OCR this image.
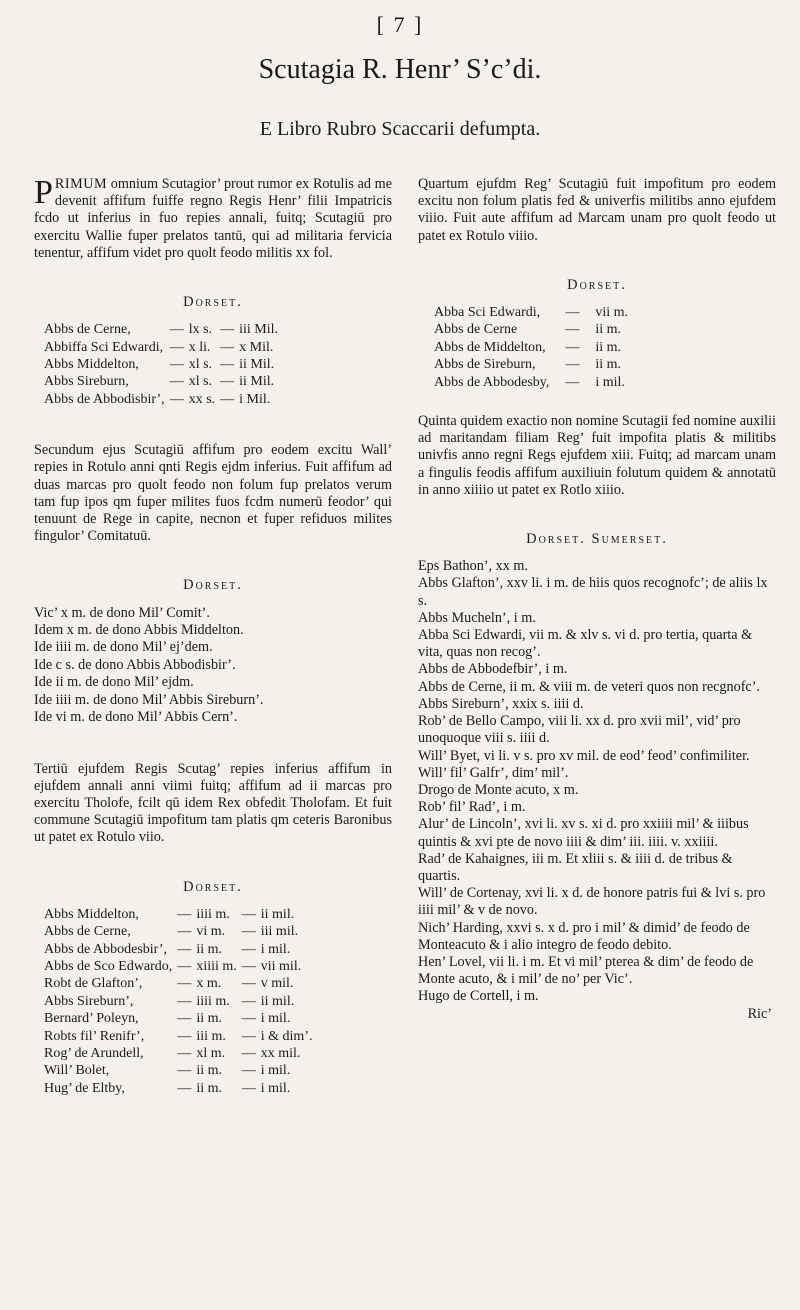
[ 7 ]
Scutagia R. Henr’ S’c’di.
E Libro Rubro Scaccarii defumpta.

PRIMUM omnium Scutagior’ prout rumor ex Rotulis ad me devenit affifum fuiffe regno Regis Henr’ filii Impatricis fcdo ut inferius in fuo repies annali, fuitq; Scutagiū pro exercitu Wallie fuper prelatos tantū, qui ad militaria fervicia tenentur, affifum videt pro quolt feodo militis xx fol.

Dorset.
Abbs de Cerne,	—	lx s.	—	iii Mil.
Abbiffa Sci Edwardi,	—	x li.	—	x Mil.
Abbs Middelton,	—	xl s.	—	ii Mil.
Abbs Sireburn,	—	xl s.	—	ii Mil.
Abbs de Abbodisbir’,	—	xx s.	—	i Mil.

Secundum ejus Scutagiū affifum pro eodem excitu Wall’ repies in Rotulo anni qnti Regis ejdm inferius. Fuit affifum ad duas marcas pro quolt feodo non folum fup prelatos verum tam fup ipos qm fuper milites fuos fcdm numerū feodor’ qui tenuunt de Rege in capite, necnon et fuper refiduos milites fingulor’ Comitatuū.

Dorset.
Vic’ x m. de dono Mil’ Comit’.
Idem x m. de dono Abbis Middelton.
Ide iiii m. de dono Mil’ ej’dem.
Ide c s. de dono Abbis Abbodisbir’.
Ide ii m. de dono Mil’ ejdm.
Ide iiii m. de dono Mil’ Abbis Sireburn’.
Ide vi m. de dono Mil’ Abbis Cern’.

Tertiū ejufdem Regis Scutag’ repies inferius affifum in ejufdem annali anni viimi fuitq; affifum ad ii marcas pro exercitu Tholofe, fcilt qū idem Rex obfedit Tholofam. Et fuit commune Scutagiū impofitum tam platis qm ceteris Baronibus ut patet ex Rotulo viio.

Dorset.
Abbs Middelton,	—	iiii m.	—	ii mil.
Abbs de Cerne,	—	vi m.	—	iii mil.
Abbs de Abbodesbir’,	—	ii m.	—	i mil.
Abbs de Sco Edwardo,	—	xiiii m.	—	vii mil.
Robt de Glafton’,	—	x m.	—	v mil.
Abbs Sireburn’,	—	iiii m.	—	ii mil.
Bernard’ Poleyn,	—	ii m.	—	i mil.
Robts fil’ Renifr’,	—	iii m.	—	i & dim’.
Rog’ de Arundell,	—	xl m.	—	xx mil.
Will’ Bolet,	—	ii m.	—	i mil.
Hug’ de Eltby,	—	ii m.	—	i mil.

Quartum ejufdm Reg’ Scutagiū fuit impofitum pro eodem excitu non folum platis fed & univerfis militibs anno ejufdem viiio. Fuit aute affifum ad Marcam unam pro quolt feodo ut patet ex Rotulo viiio.

Dorset.
Abba Sci Edwardi,	—	vii m.
Abbs de Cerne	—	ii m.
Abbs de Middelton,	—	ii m.
Abbs de Sireburn,	—	ii m.
Abbs de Abbodesby,	—	i mil.

Quinta quidem exactio non nomine Scutagii fed nomine auxilii ad maritandam filiam Reg’ fuit impofita platis & militibs univfis anno regni Regs ejufdem xiii. Fuitq; ad marcam unam a fingulis feodis affifum auxiliuin folutum quidem & annotatū in anno xiiiio ut patet ex Rotlo xiiio.

Dorset. Sumerset.
Eps Bathon’, xx m.
Abbs Glafton’, xxv li. i m. de hiis quos recognofc’; de aliis lx s.
Abbs Mucheln’, i m.
Abba Sci Edwardi, vii m. & xlv s. vi d. pro tertia, quarta & vita, quas non recog’.
Abbs de Abbodefbir’, i m.
Abbs de Cerne, ii m. & viii m. de veteri quos non recgnofc’.
Abbs Sireburn’, xxix s. iiii d.
Rob’ de Bello Campo, viii li. xx d. pro xvii mil’, vid’ pro unoquoque viii s. iiii d.
Will’ Byet, vi li. v s. pro xv mil. de eod’ feod’ confimiliter.
Will’ fil’ Galfr’, dim’ mil’.
Drogo de Monte acuto, x m.
Rob’ fil’ Rad’, i m.
Alur’ de Lincoln’, xvi li. xv s. xi d. pro xxiiii mil’ & iiibus quintis & xvi pte de novo iiii & dim’ iii. iiii. v. xxiiii.
Rad’ de Kahaignes, iii m. Et xliii s. & iiii d. de tribus & quartis.
Will’ de Cortenay, xvi li. x d. de honore patris fui & lvi s. pro iiii mil’ & v de novo.
Nich’ Harding, xxvi s. x d. pro i mil’ & dimid’ de feodo de Monteacuto & i alio integro de feodo debito.
Hen’ Lovel, vii li. i m. Et vi mil’ pterea & dim’ de feodo de Monte acuto, & i mil’ de no’ per Vic’.
Hugo de Cortell, i m.
Ric’
